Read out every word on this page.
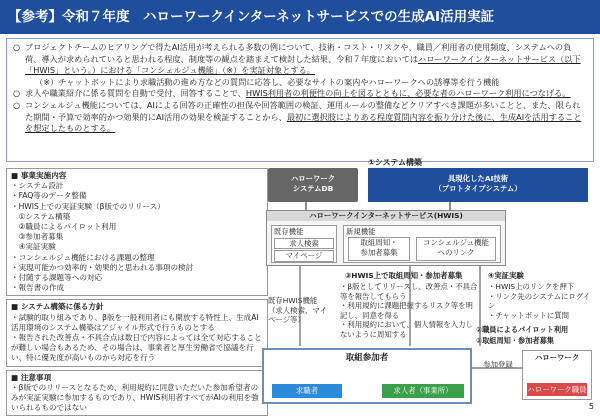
【参考】令和７年度　ハローワークインターネットサービスでの生成AI活用実証

○ プロジェクトチームのヒアリングで得たAI活用が考えられる多数の例について、技術・コスト・リスクや、職員／利用者の使用頻度、システムへの負荷、導入が求められていると思われる程度、制度等の観点を踏まえて検討した結果、令和７年度においてはハローワークインターネットサービス（以下「HWIS」という。）における「コンシェルジュ機能」（※）を実証対象とする。

（※）チャットボットにより求職活動の進め方などの質問に応答し、必要なサイトの案内やハローワークへの誘導等を行う機能

○ 求人や職業紹介に係る質問を自動で受付、回答することで、HWIS利用者の利便性の向上を図るとともに、必要な者のハローワーク利用につなげる。

○ コンシェルジュ機能については、AIによる回答の正確性の担保や回答範囲の検証、運用ルールの整備などクリアすべき課題が多いことと、また、限られた期間・予算で効率的かつ効果的にAI活用の効果を検証することから、最初に選択肢によりある程度質問内容を振り分けた後に、生成AIを活用することを想定したものとする。

■ 事業実施内容
・システム設計
・FAQ等のデータ整備
・HWIS上での実証実験（β版でのリリース）
　①システム構築
　②職員によるパイロット利用
　③参加者募集
　④実証実験
・コンシェルジュ機能における課題の整理
・実現可能かつ効率的・効果的と思われる事項の検討
・付随する課題等への対応
・報告書の作成
■ システム構築に係る方針
・試験的取り組みであり、β版を一般利用者にも開放する特性上、生成AI活用環境のシステム構築はアジャイル形式で行うものとする
・報告された改善点・不具合点は数日で内容によっては全て対応することが難しい場合もあるため、その場合は、事業者と厚生労働省で協議を行い、特に優先度が高いものから対応を行う
■ 注意事項
・β版でのリリースとなるため、利用規約に同意いただいた参加希望者のみが実証実験に参加するものであり、HWIS利用者すべてがAIの利用を強いられるものではない
①システム構築
ハローワーク
システムDB
具現化したAI技術
（プロトタイプシステム）
ハローワークインターネットサービス(HWIS)
既存機能
求人検索
マイページ
新規機能
取組周知・
参加者募集
コンシェルジュ機能
へのリンク
既存HWIS機能（求人検索、マイページ等）
③HWIS上で取組周知・参加者募集
・β版としてリリースし、改善点・不具合等を報告してもらう
・利用規約に課題把握するリスク等を明記し、同意を得る
・利用規約において、個人情報を入力しないように周知する
④実証実験
・HWIS上のリンクを押下
・リンク先のシステムにログイン
・チャットボットに質問
②職員によるパイロット利用
③取組周知・参加者募集
取組参加者
求職者	求人者（事業所）
参加登録
ハローワーク
ハローワーク職員
5
